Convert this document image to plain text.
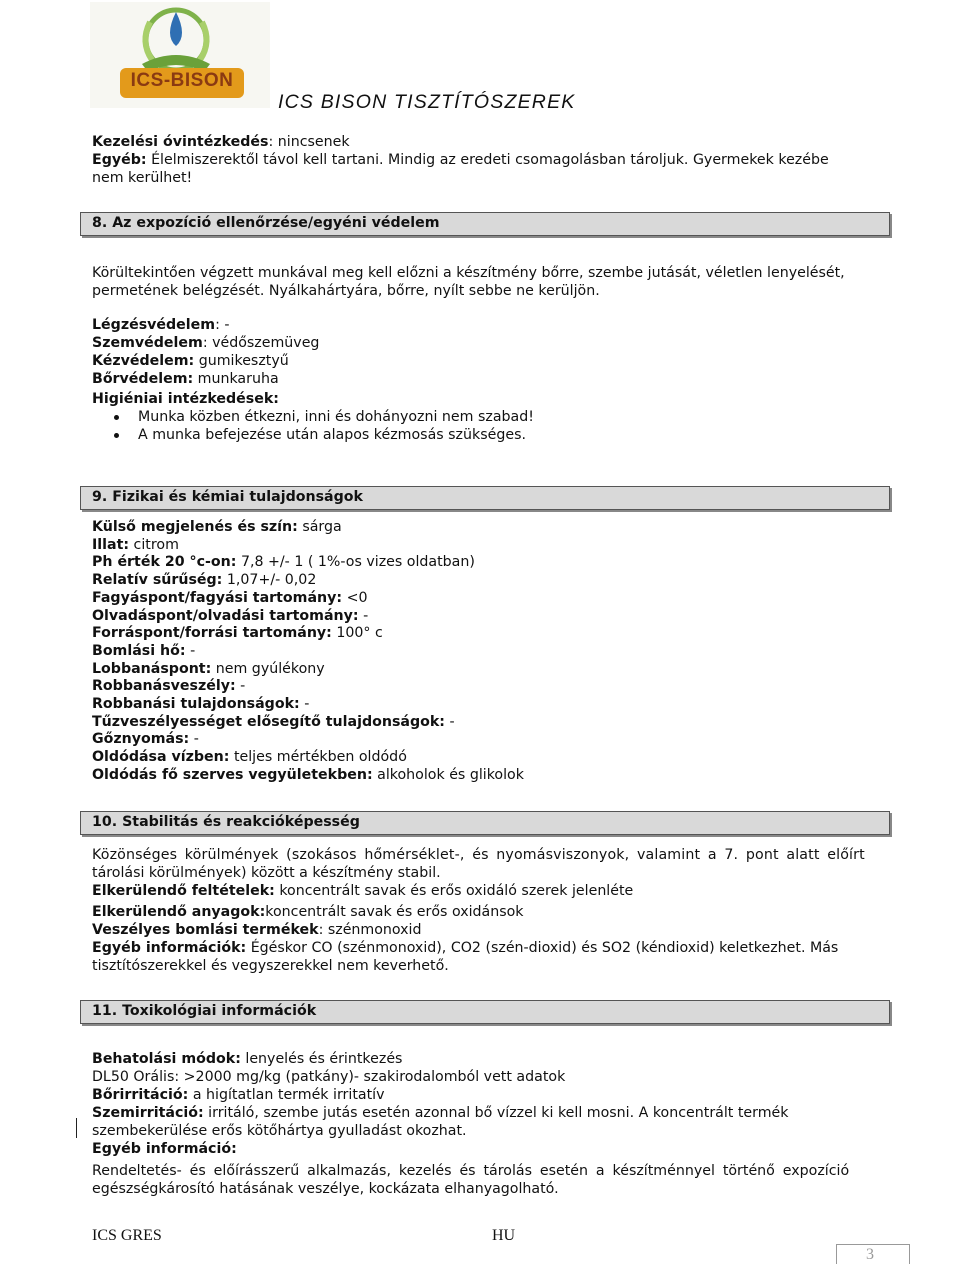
ICS-BISON
ICS BISON TISZTÍTÓSZEREK
Kezelési óvintézkedés: nincsenek
Egyéb: Élelmiszerektől távol kell tartani. Mindig az eredeti csomagolásban tároljuk. Gyermekek kezébe
nem kerülhet!
8. Az expozíció ellenőrzése/egyéni védelem
Körültekintően végzett munkával meg kell előzni a készítmény bőrre, szembe jutását, véletlen lenyelését,
permetének belégzését. Nyálkahártyára, bőrre, nyílt sebbe ne kerüljön.
Légzésvédelem: -
Szemvédelem: védőszemüveg
Kézvédelem: gumikesztyű
Bőrvédelem: munkaruha
Higiéniai intézkedések:
Munka közben étkezni, inni és dohányozni nem szabad!
A munka befejezése után alapos kézmosás szükséges.
9. Fizikai és kémiai tulajdonságok
Külső megjelenés és szín: sárga
Illat: citrom
Ph érték 20 °c-on: 7,8 +/- 1 ( 1%-os vizes oldatban)
Relatív sűrűség: 1,07+/- 0,02
Fagyáspont/fagyási tartomány: <0
Olvadáspont/olvadási tartomány: -
Forráspont/forrási tartomány: 100° c
Bomlási hő: -
Lobbanáspont: nem gyúlékony
Robbanásveszély: -
Robbanási tulajdonságok: -
Tűzveszélyességet elősegítő tulajdonságok: -
Gőznyomás: -
Oldódása vízben: teljes mértékben oldódó
Oldódás fő szerves vegyületekben: alkoholok és glikolok
10. Stabilitás és reakcióképesség
Közönséges körülmények (szokásos hőmérséklet-, és nyomásviszonyok, valamint a 7. pont alatt előírt
tárolási körülmények) között a készítmény stabil.
Elkerülendő feltételek: koncentrált savak és erős oxidáló szerek jelenléte
Elkerülendő anyagok:koncentrált savak és erős oxidánsok
Veszélyes bomlási termékek: szénmonoxid
Egyéb információk: Égéskor CO (szénmonoxid), CO2 (szén-dioxid) és SO2 (kéndioxid) keletkezhet. Más
tisztítószerekkel és vegyszerekkel nem keverhető.
11. Toxikológiai információk
Behatolási módok: lenyelés és érintkezés
DL50 Orális: >2000 mg/kg (patkány)- szakirodalomból vett adatok
Bőrirritáció: a higítatlan termék irritatív
Szemirritáció: irritáló, szembe jutás esetén azonnal bő vízzel ki kell mosni. A koncentrált termék
szembekerülése erős kötőhártya gyulladást okozhat.
Egyéb információ:
Rendeltetés- és előírásszerű alkalmazás, kezelés és tárolás esetén a készítménnyel történő expozíció
egészségkárosító hatásának veszélye, kockázata elhanyagolható.
ICS GRES	HU
3
